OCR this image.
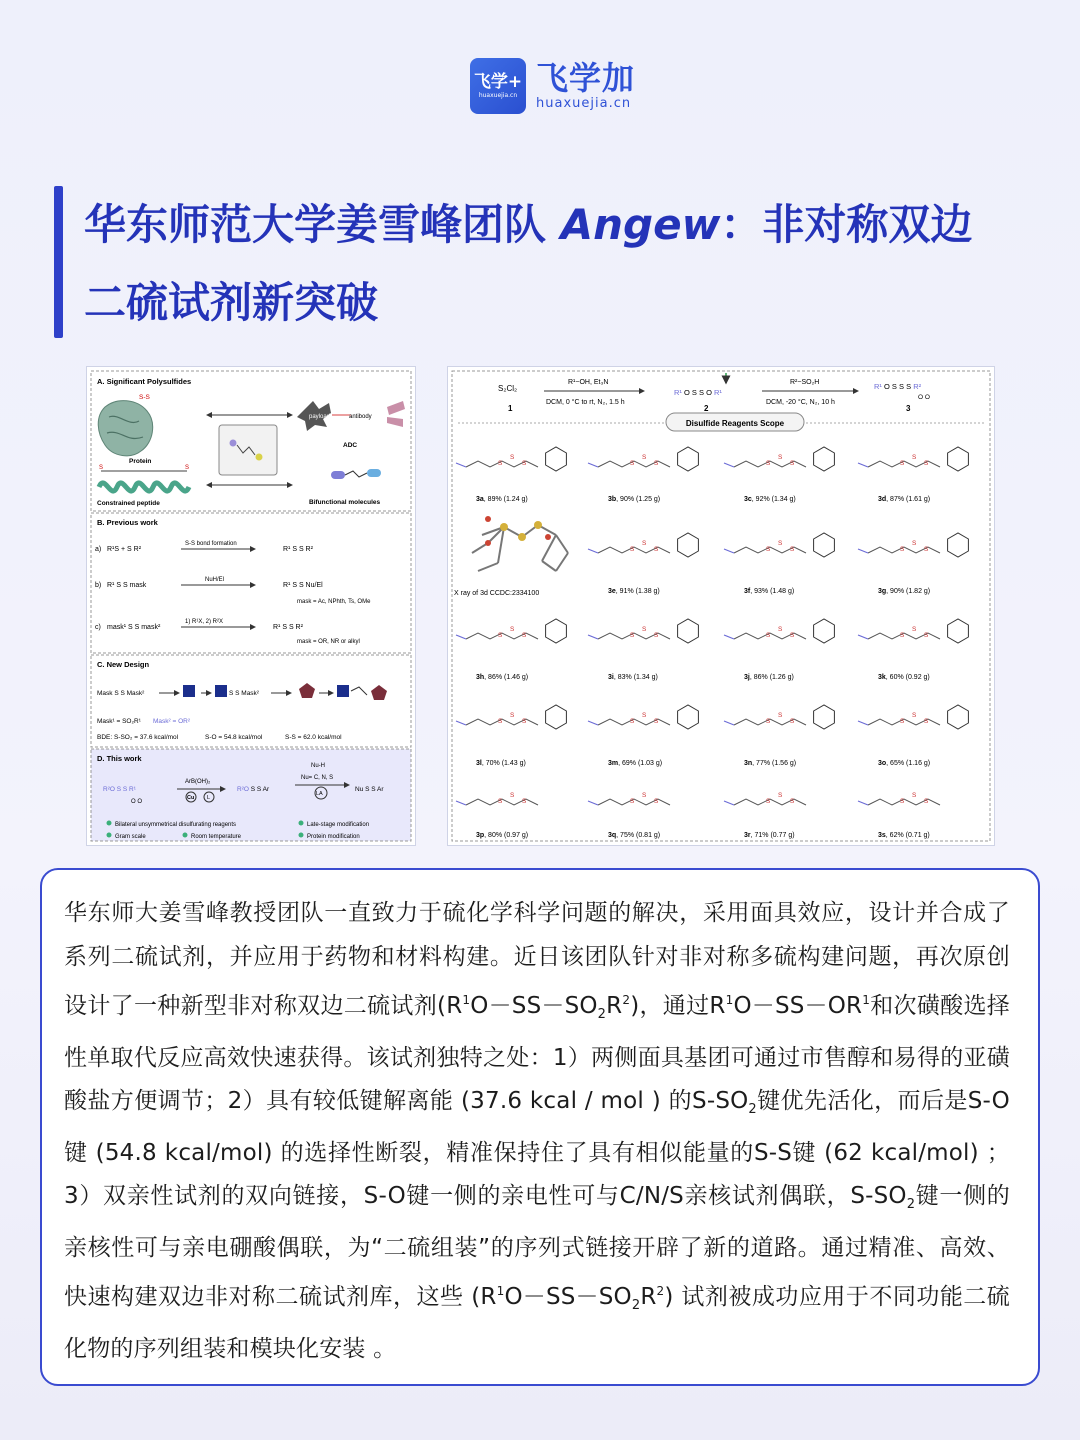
飞学+
huaxuejia.cn 飞学加
huaxuejia.cn
华东师范大学姜雪峰团队 Angew：非对称双边
二硫试剂新突破
A. Significant Polysulfides
S-S
Protein
S	S
Constrained peptide
payload	antibody
ADC
Bifunctional molecules
B. Previous work
a) R¹S + S R²
S-S bond formation
R¹ S S R²
b) R¹ S S mask
NuH/El
R¹ S S Nu/El
mask = Ac, NPhth, Ts, OMe
c) mask¹ S S mask²
1) R¹X, 2) R²X
R¹ S S R²
mask = OR, NR or alkyl
C. New Design
Mask S S Mask²	S S Mask²
Mask¹ = SO₂R¹ Mask² = OR²
BDE: S-SO₂ = 37.6 kcal/mol	S-O = 54.8 kcal/mol	S-S = 62.0 kcal/mol
D. This work
R²O S S R¹
O O
ArB(OH)₂
Cu L
R²O S S Ar
Nu-H
Nu= C, N, S
LA
Nu S S Ar
Bilateral unsymmetrical disulfurating reagents	Late-stage modification
Gram scale	Room temperature	Protein modification
S₂Cl₂
1
R¹−OH, Et₃N
DCM, 0 °C to rt, N₂, 1.5 h
R¹ O S S O R¹
2
R²−SO₂H
DCM, -20 °C, N₂, 10 h
R¹ O S S S R²
O O
3
Disulfide Reagents Scope
X ray of 3d CCDC:2334100
S
S
S
3a, 89% (1.24 g)
S
S
S
3b, 90% (1.25 g)
S
S
S
3c, 92% (1.34 g)
S
S
S
3d, 87% (1.61 g)
S
S
S
3e, 91% (1.38 g)
S
S
S
3f, 93% (1.48 g)
S
S
S
3g, 90% (1.82 g)
S
S
S
3h, 86% (1.46 g)
S
S
S
3i, 83% (1.34 g)
S
S
S
3j, 86% (1.26 g)
S
S
S
3k, 60% (0.92 g)
S
S
S
3l, 70% (1.43 g)
S
S
S
3m, 69% (1.03 g)
S
S
S
3n, 77% (1.56 g)
S
S
S
3o, 65% (1.16 g)
S
S
S
3p, 80% (0.97 g)
S
S
S
3q, 75% (0.81 g)
S
S
S
3r, 71% (0.77 g)
S
S
S
3s, 62% (0.71 g)

华东师大姜雪峰教授团队一直致力于硫化学科学问题的解决，采用面具效应，设计并合成了系列二硫试剂，并应用于药物和材料构建。近日该团队针对非对称多硫构建问题，再次原创设计了一种新型非对称双边二硫试剂$(R^1O-SS-SO_2R^2)$，通过$R^1O-SS-OR^1$和次磺酸选择性单取代反应高效快速获得。该试剂独特之处：1）两侧面具基团可通过市售醇和易得的亚磺酸盐方便调节；2）具有较低键解离能 (37.6 kcal / mol ) 的$S-SO_2$键优先活化，而后是S-O键 (54.8 kcal/mol) 的选择性断裂，精准保持住了具有相似能量的S-S键 (62 kcal/mol) ；3）双亲性试剂的双向链接，S-O键一侧的亲电性可与C/N/S亲核试剂偶联，$S-SO_2$键一侧的亲核性可与亲电硼酸偶联，为“二硫组装”的序列式链接开辟了新的道路。通过精准、高效、快速构建双边非对称二硫试剂库，这些 $(R^1O-SS-SO_2R^2)$ 试剂被成功应用于不同功能二硫化物的序列组装和模块化安装 。
